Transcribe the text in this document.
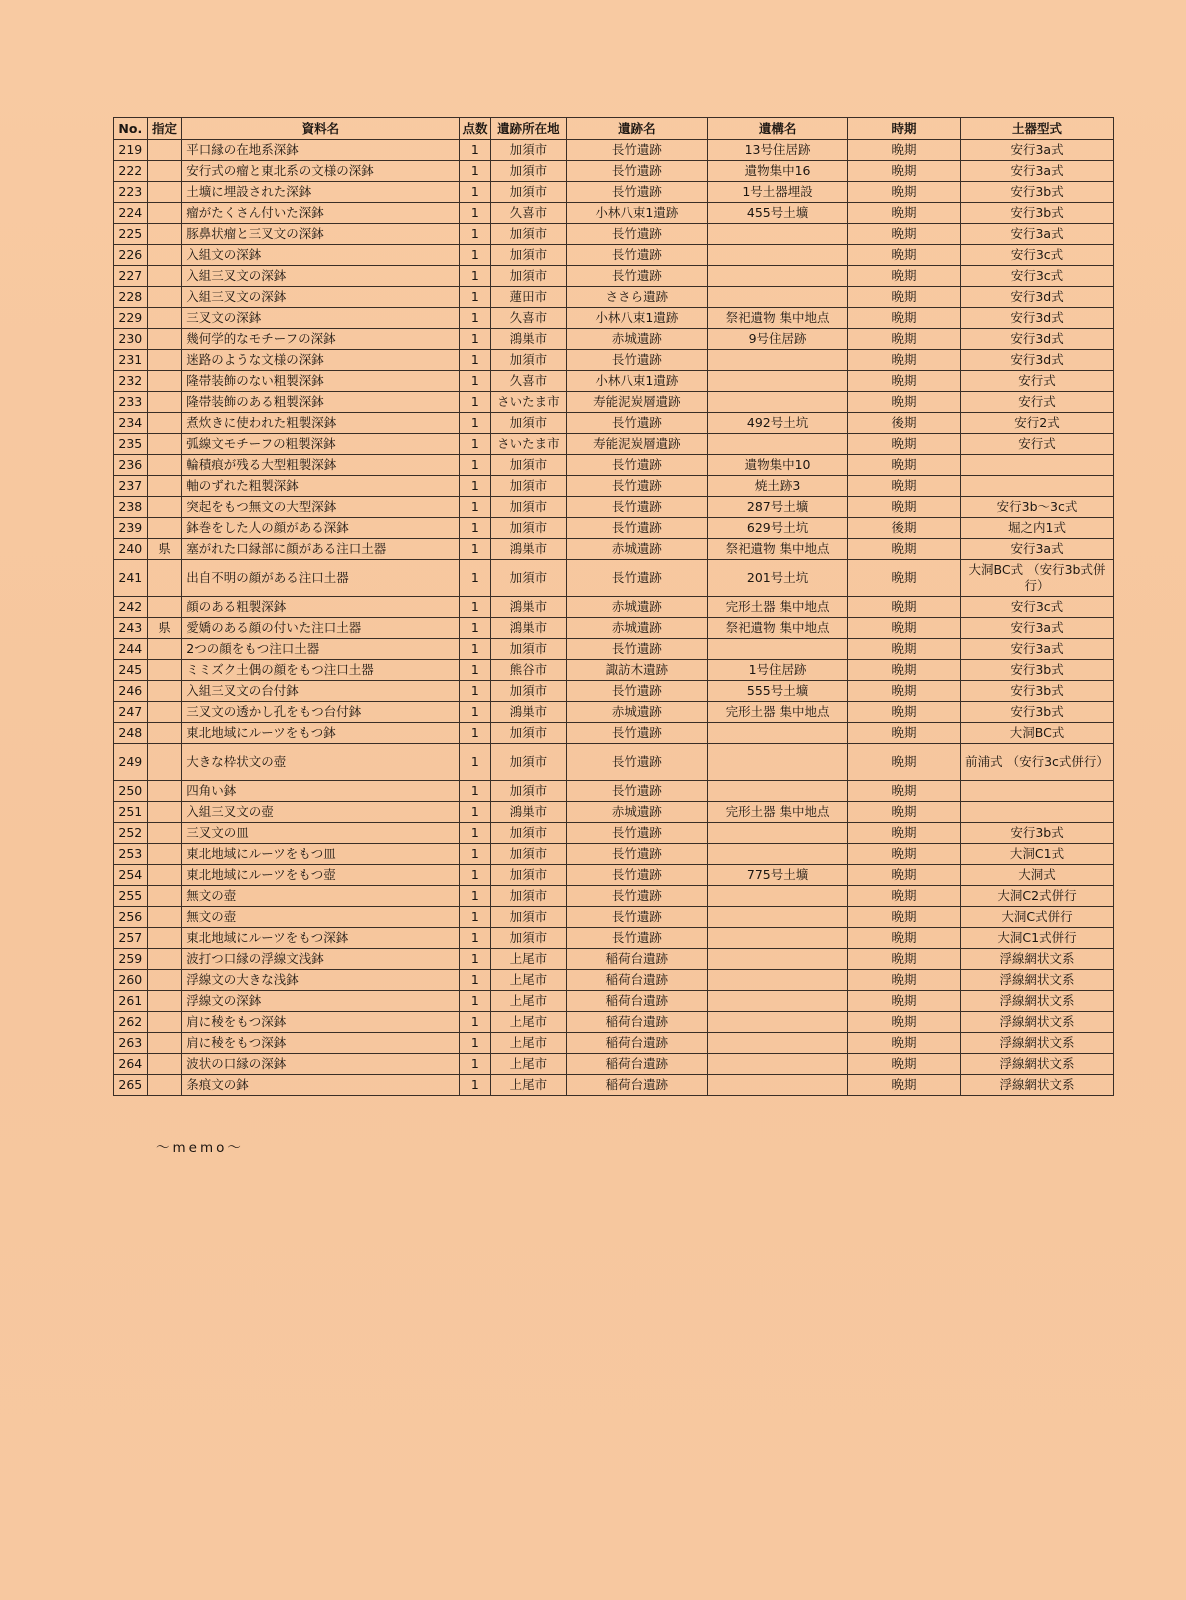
No.	指定	資料名	点数	遺跡所在地	遺跡名	遺構名	時期	土器型式
219		平口縁の在地系深鉢	1	加須市	長竹遺跡	13号住居跡	晩期	安行3a式
222		安行式の瘤と東北系の文様の深鉢	1	加須市	長竹遺跡	遺物集中16	晩期	安行3a式
223		土壙に埋設された深鉢	1	加須市	長竹遺跡	1号土器埋設	晩期	安行3b式
224		瘤がたくさん付いた深鉢	1	久喜市	小林八束1遺跡	455号土壙	晩期	安行3b式
225		豚鼻状瘤と三叉文の深鉢	1	加須市	長竹遺跡		晩期	安行3a式
226		入組文の深鉢	1	加須市	長竹遺跡		晩期	安行3c式
227		入組三叉文の深鉢	1	加須市	長竹遺跡		晩期	安行3c式
228		入組三叉文の深鉢	1	蓮田市	ささら遺跡		晩期	安行3d式
229		三叉文の深鉢	1	久喜市	小林八束1遺跡	祭祀遺物 集中地点	晩期	安行3d式
230		幾何学的なモチーフの深鉢	1	鴻巣市	赤城遺跡	9号住居跡	晩期	安行3d式
231		迷路のような文様の深鉢	1	加須市	長竹遺跡		晩期	安行3d式
232		隆帯装飾のない粗製深鉢	1	久喜市	小林八束1遺跡		晩期	安行式
233		隆帯装飾のある粗製深鉢	1	さいたま市	寿能泥炭層遺跡		晩期	安行式
234		煮炊きに使われた粗製深鉢	1	加須市	長竹遺跡	492号土坑	後期	安行2式
235		弧線文モチーフの粗製深鉢	1	さいたま市	寿能泥炭層遺跡		晩期	安行式
236		輪積痕が残る大型粗製深鉢	1	加須市	長竹遺跡	遺物集中10	晩期	
237		軸のずれた粗製深鉢	1	加須市	長竹遺跡	焼土跡3	晩期	
238		突起をもつ無文の大型深鉢	1	加須市	長竹遺跡	287号土壙	晩期	安行3b～3c式
239		鉢巻をした人の顔がある深鉢	1	加須市	長竹遺跡	629号土坑	後期	堀之内1式
240	県	塞がれた口縁部に顔がある注口土器	1	鴻巣市	赤城遺跡	祭祀遺物 集中地点	晩期	安行3a式
241		出自不明の顔がある注口土器	1	加須市	長竹遺跡	201号土坑	晩期	大洞BC式 （安行3b式併行）
242		顔のある粗製深鉢	1	鴻巣市	赤城遺跡	完形土器 集中地点	晩期	安行3c式
243	県	愛嬌のある顔の付いた注口土器	1	鴻巣市	赤城遺跡	祭祀遺物 集中地点	晩期	安行3a式
244		2つの顔をもつ注口土器	1	加須市	長竹遺跡		晩期	安行3a式
245		ミミズク土偶の顔をもつ注口土器	1	熊谷市	諏訪木遺跡	1号住居跡	晩期	安行3b式
246		入組三叉文の台付鉢	1	加須市	長竹遺跡	555号土壙	晩期	安行3b式
247		三叉文の透かし孔をもつ台付鉢	1	鴻巣市	赤城遺跡	完形土器 集中地点	晩期	安行3b式
248		東北地域にルーツをもつ鉢	1	加須市	長竹遺跡		晩期	大洞BC式
249		大きな枠状文の壺	1	加須市	長竹遺跡		晩期	前浦式 （安行3c式併行）
250		四角い鉢	1	加須市	長竹遺跡		晩期	
251		入組三叉文の壺	1	鴻巣市	赤城遺跡	完形土器 集中地点	晩期	
252		三叉文の皿	1	加須市	長竹遺跡		晩期	安行3b式
253		東北地域にルーツをもつ皿	1	加須市	長竹遺跡		晩期	大洞C1式
254		東北地域にルーツをもつ壺	1	加須市	長竹遺跡	775号土壙	晩期	大洞式
255		無文の壺	1	加須市	長竹遺跡		晩期	大洞C2式併行
256		無文の壺	1	加須市	長竹遺跡		晩期	大洞C式併行
257		東北地域にルーツをもつ深鉢	1	加須市	長竹遺跡		晩期	大洞C1式併行
259		波打つ口縁の浮線文浅鉢	1	上尾市	稲荷台遺跡		晩期	浮線網状文系
260		浮線文の大きな浅鉢	1	上尾市	稲荷台遺跡		晩期	浮線網状文系
261		浮線文の深鉢	1	上尾市	稲荷台遺跡		晩期	浮線網状文系
262		肩に稜をもつ深鉢	1	上尾市	稲荷台遺跡		晩期	浮線網状文系
263		肩に稜をもつ深鉢	1	上尾市	稲荷台遺跡		晩期	浮線網状文系
264		波状の口縁の深鉢	1	上尾市	稲荷台遺跡		晩期	浮線網状文系
265		条痕文の鉢	1	上尾市	稲荷台遺跡		晩期	浮線網状文系
～memo～
